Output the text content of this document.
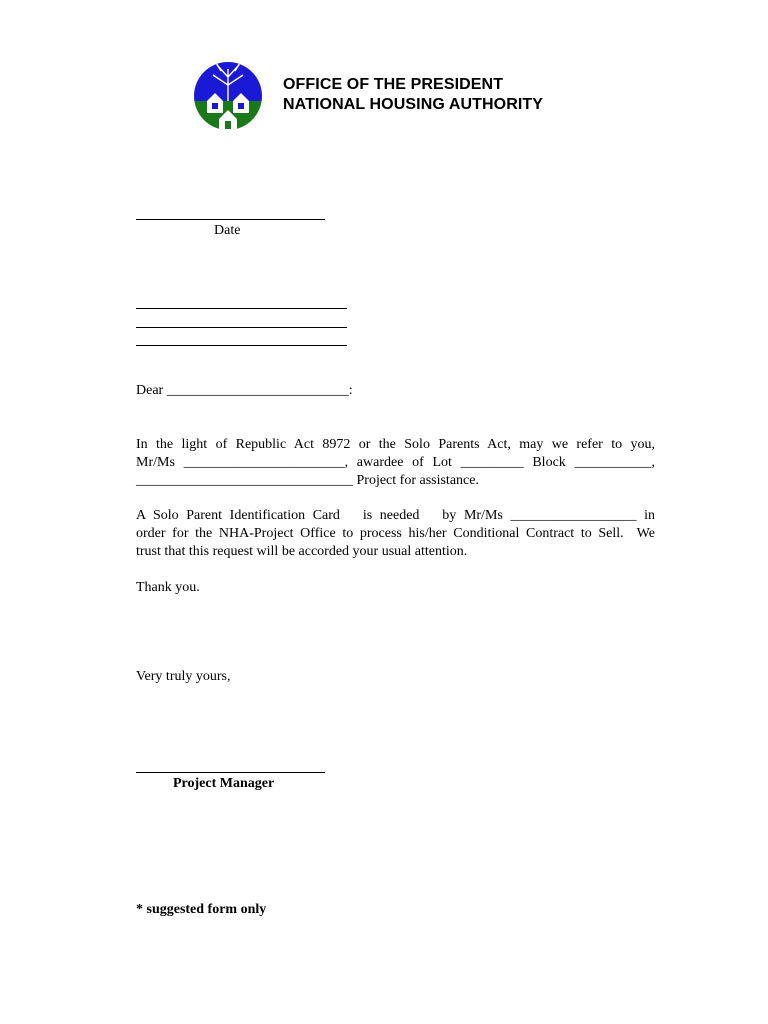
OFFICE OF THE PRESIDENT
NATIONAL HOUSING AUTHORITY
Date
Dear __________________________:
In the light of Republic Act 8972 or the Solo Parents Act, may we refer to you,
Mr/Ms _______________________, awardee of Lot _________ Block ___________,
_______________________________ Project for assistance.
A Solo Parent Identification Card   is needed   by Mr/Ms __________________ in
order for the NHA-Project Office to process his/her Conditional Contract to Sell.  We
trust that this request will be accorded your usual attention.
Thank you.
Very truly yours,
Project Manager
* suggested form only
